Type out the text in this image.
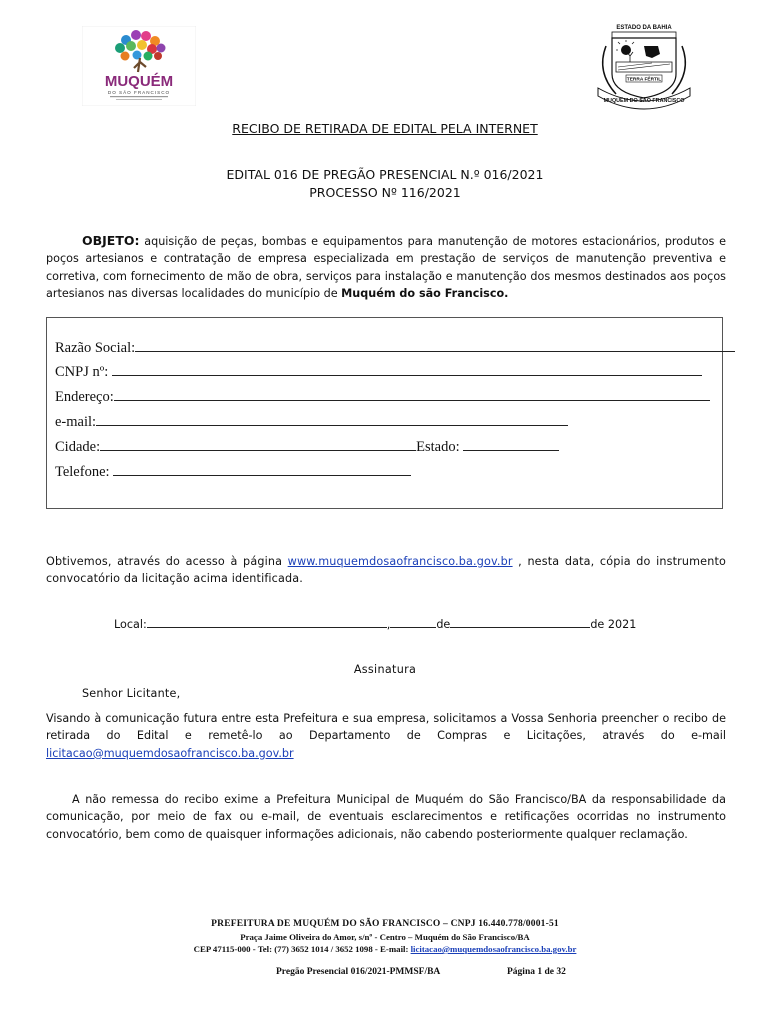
MUQUÉM
DO SÃO FRANCISCO
ESTADO DA BAHIA
TERRA FÉRTIL
MUQUÉM DO SÃO FRANCISCO
RECIBO DE RETIRADA DE EDITAL PELA INTERNET
EDITAL 016 DE PREGÃO PRESENCIAL N.º 016/2021
PROCESSO Nº 116/2021
OBJETO: aquisição de peças, bombas e equipamentos para manutenção de motores estacionários, produtos e poços artesianos e contratação de empresa especializada em prestação de serviços de manutenção preventiva e corretiva, com fornecimento de mão de obra, serviços para instalação e manutenção dos mesmos destinados aos poços artesianos nas diversas localidades do município de Muquém do são Francisco.
Razão Social:
CNPJ nº:
Endereço:
e-mail:
Cidade:	Estado:
Telefone:
Obtivemos, através do acesso à página www.muquemdosaofrancisco.ba.gov.br , nesta data, cópia do instrumento convocatório da licitação acima identificada.
Local:	,	de	de 2021
Assinatura
Senhor Licitante,
Visando à comunicação futura entre esta Prefeitura e sua empresa, solicitamos a Vossa Senhoria preencher o recibo de retirada do Edital e remetê-lo ao Departamento de Compras e Licitações, através do e-mail licitacao@muquemdosaofrancisco.ba.gov.br
A não remessa do recibo exime a Prefeitura Municipal de Muquém do São Francisco/BA da responsabilidade da comunicação, por meio de fax ou e-mail, de eventuais esclarecimentos e retificações ocorridas no instrumento convocatório, bem como de quaisquer informações adicionais, não cabendo posteriormente qualquer reclamação.
PREFEITURA DE MUQUÉM DO SÃO FRANCISCO – CNPJ 16.440.778/0001-51
Praça Jaime Oliveira do Amor, s/nº - Centro – Muquém do São Francisco/BA
CEP 47115-000 - Tel: (77) 3652 1014 / 3652 1098 - E-mail: licitacao@muquemdosaofrancisco.ba.gov.br
Pregão Presencial 016/2021-PMMSF/BA	Página 1 de 32
